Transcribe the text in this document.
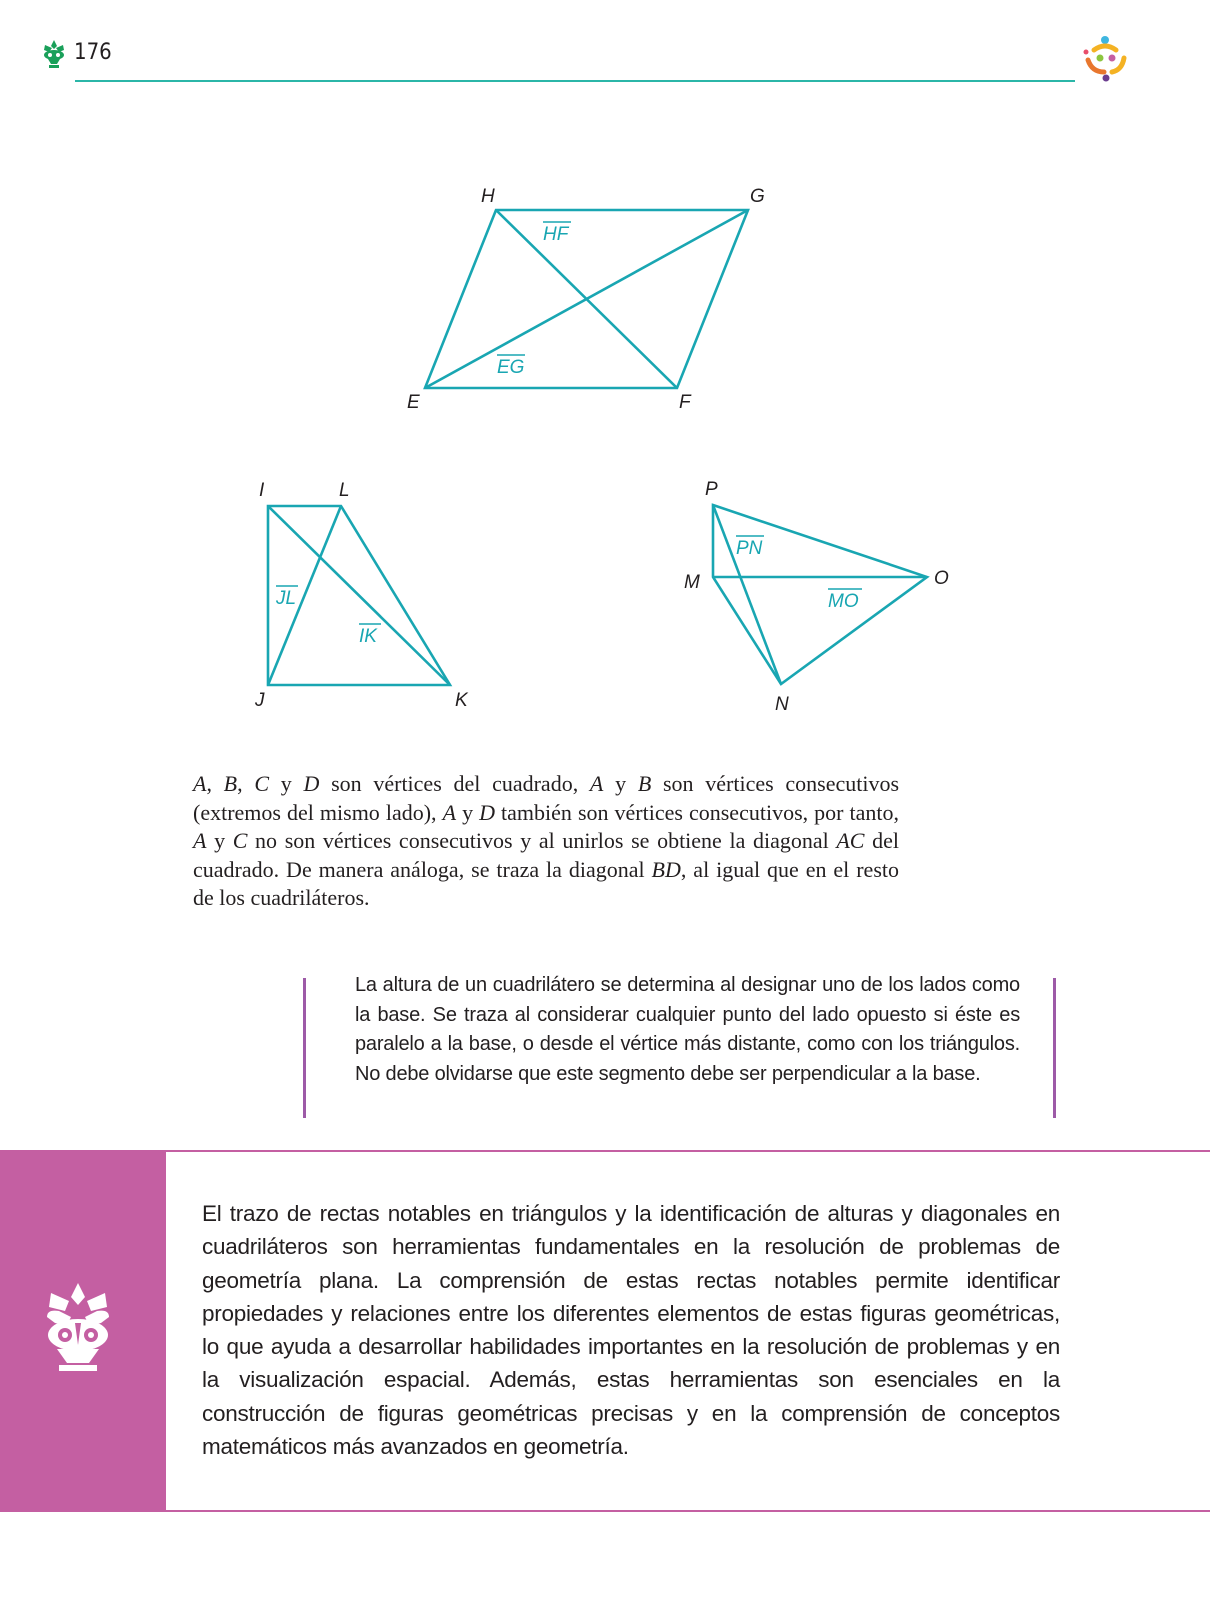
176
H	G
E	F
HF
EG
I	L
J	K
JL
IK
P
M	O
N
PN
MO

A, B, C y D son vértices del cuadrado, A y B son vértices consecutivos (extremos del mismo lado), A y D también son vértices consecutivos, por tanto, A y C no son vértices consecutivos y al unirlos se obtiene la diagonal AC del cuadrado. De manera análoga, se traza la diagonal BD, al igual que en el resto de los cuadriláteros.

La altura de un cuadrilátero se determina al designar uno de los lados como la base. Se traza al considerar cualquier punto del lado opuesto si éste es paralelo a la base, o desde el vértice más distante, como con los triángulos. No debe olvidarse que este segmento debe ser perpendicular a la base.

El trazo de rectas notables en triángulos y la identificación de alturas y diagonales en cuadriláteros son herramientas fundamentales en la resolución de problemas de geometría plana. La comprensión de estas rectas notables permite identificar propiedades y relaciones entre los diferentes elementos de estas figuras geométricas, lo que ayuda a desarrollar habilidades importantes en la resolución de problemas y en la visualización espacial. Además, estas herramientas son esenciales en la construcción de figuras geométricas precisas y en la comprensión de conceptos matemáticos más avanzados en geometría.
